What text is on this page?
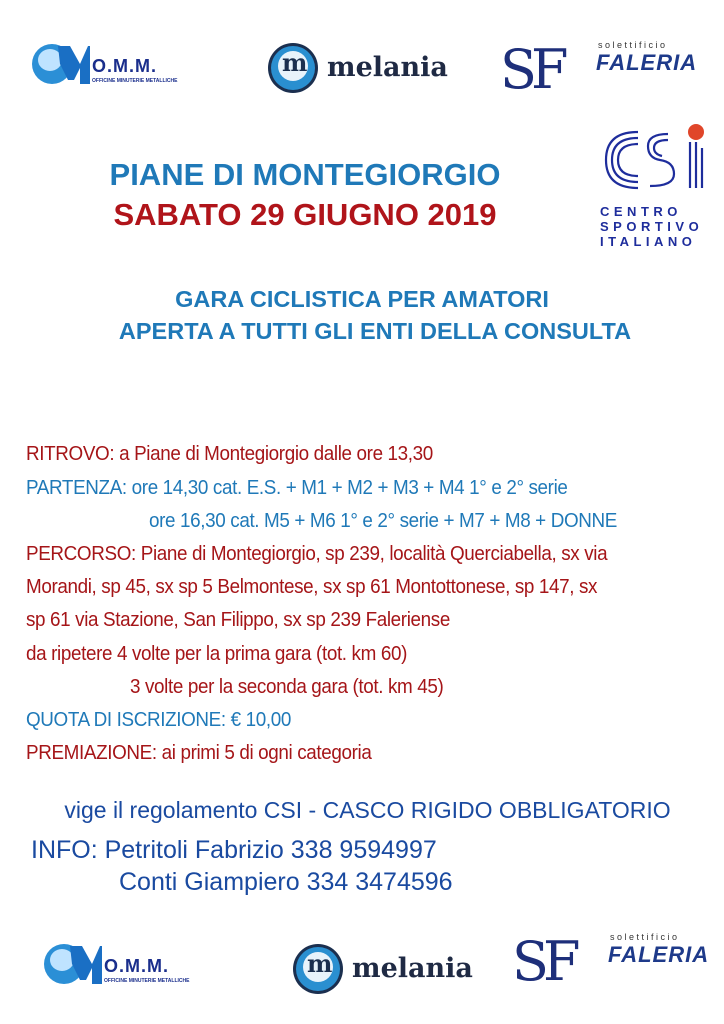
O.M.M.
OFFICINE MINUTERIE METALLICHE
m melania SF	solettificio
FALERIA
CENTRO
SPORTIVO
ITALIANO
PIANE DI MONTEGIORGIO
SABATO 29 GIUGNO 2019
GARA CICLISTICA PER AMATORI
APERTA A TUTTI GLI ENTI DELLA CONSULTA
RITROVO: a Piane di Montegiorgio dalle ore 13,30
PARTENZA: ore 14,30 cat. E.S. + M1 + M2 + M3 + M4 1° e 2° serie
ore 16,30 cat. M5 + M6 1° e 2° serie + M7 + M8 + DONNE
PERCORSO: Piane di Montegiorgio, sp 239, località Querciabella, sx via
Morandi, sp 45, sx sp 5 Belmontese, sx sp 61 Montottonese, sp 147, sx
sp 61 via Stazione, San Filippo, sx sp 239 Faleriense
da ripetere 4 volte per la prima gara (tot. km 60)
3 volte per la seconda gara (tot. km 45)
QUOTA DI ISCRIZIONE: € 10,00
PREMIAZIONE: ai primi 5 di ogni categoria
vige il regolamento CSI - CASCO RIGIDO OBBLIGATORIO
INFO: Petritoli Fabrizio 338 9594997
Conti Giampiero 334 3474596
O.M.M.
OFFICINE MINUTERIE METALLICHE
m melania SF	solettificio
FALERIA
